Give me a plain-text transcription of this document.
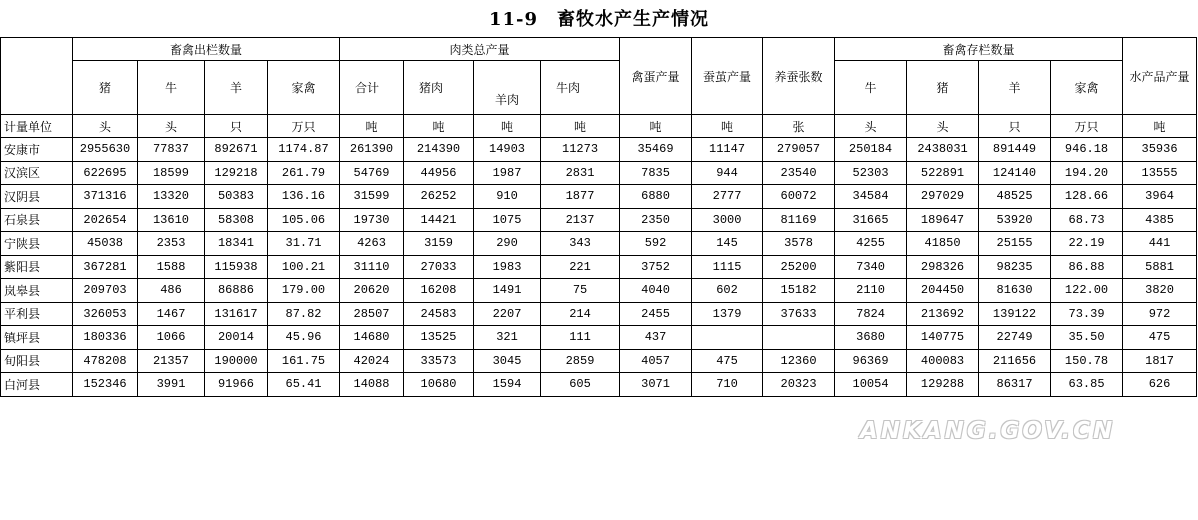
11-9　畜牧水产生产情况
	畜禽出栏数量				肉类总产量				禽蛋产量	蚕茧产量	养蚕张数	畜禽存栏数量				水产品产量
	猪	牛	羊	家禽	合计	猪肉	羊肉	牛肉				牛	猪	羊	家禽	
计量单位	头	头	只	万只	吨	吨	吨	吨	吨	吨	张	头	头	只	万只	吨
安康市	2955630	77837	892671	1174.87	261390	214390	14903	11273	35469	11147	279057	250184	2438031	891449	946.18	35936
汉滨区	622695	18599	129218	261.79	54769	44956	1987	2831	7835	944	23540	52303	522891	124140	194.20	13555
汉阴县	371316	13320	50383	136.16	31599	26252	910	1877	6880	2777	60072	34584	297029	48525	128.66	3964
石泉县	202654	13610	58308	105.06	19730	14421	1075	2137	2350	3000	81169	31665	189647	53920	68.73	4385
宁陕县	45038	2353	18341	31.71	4263	3159	290	343	592	145	3578	4255	41850	25155	22.19	441
紫阳县	367281	1588	115938	100.21	31110	27033	1983	221	3752	1115	25200	7340	298326	98235	86.88	5881
岚皋县	209703	486	86886	179.00	20620	16208	1491	75	4040	602	15182	2110	204450	81630	122.00	3820
平利县	326053	1467	131617	87.82	28507	24583	2207	214	2455	1379	37633	7824	213692	139122	73.39	972
镇坪县	180336	1066	20014	45.96	14680	13525	321	111	437			3680	140775	22749	35.50	475
旬阳县	478208	21357	190000	161.75	42024	33573	3045	2859	4057	475	12360	96369	400083	211656	150.78	1817
白河县	152346	3991	91966	65.41	14088	10680	1594	605	3071	710	20323	10054	129288	86317	63.85	626
ANKANG.GOV.CN
